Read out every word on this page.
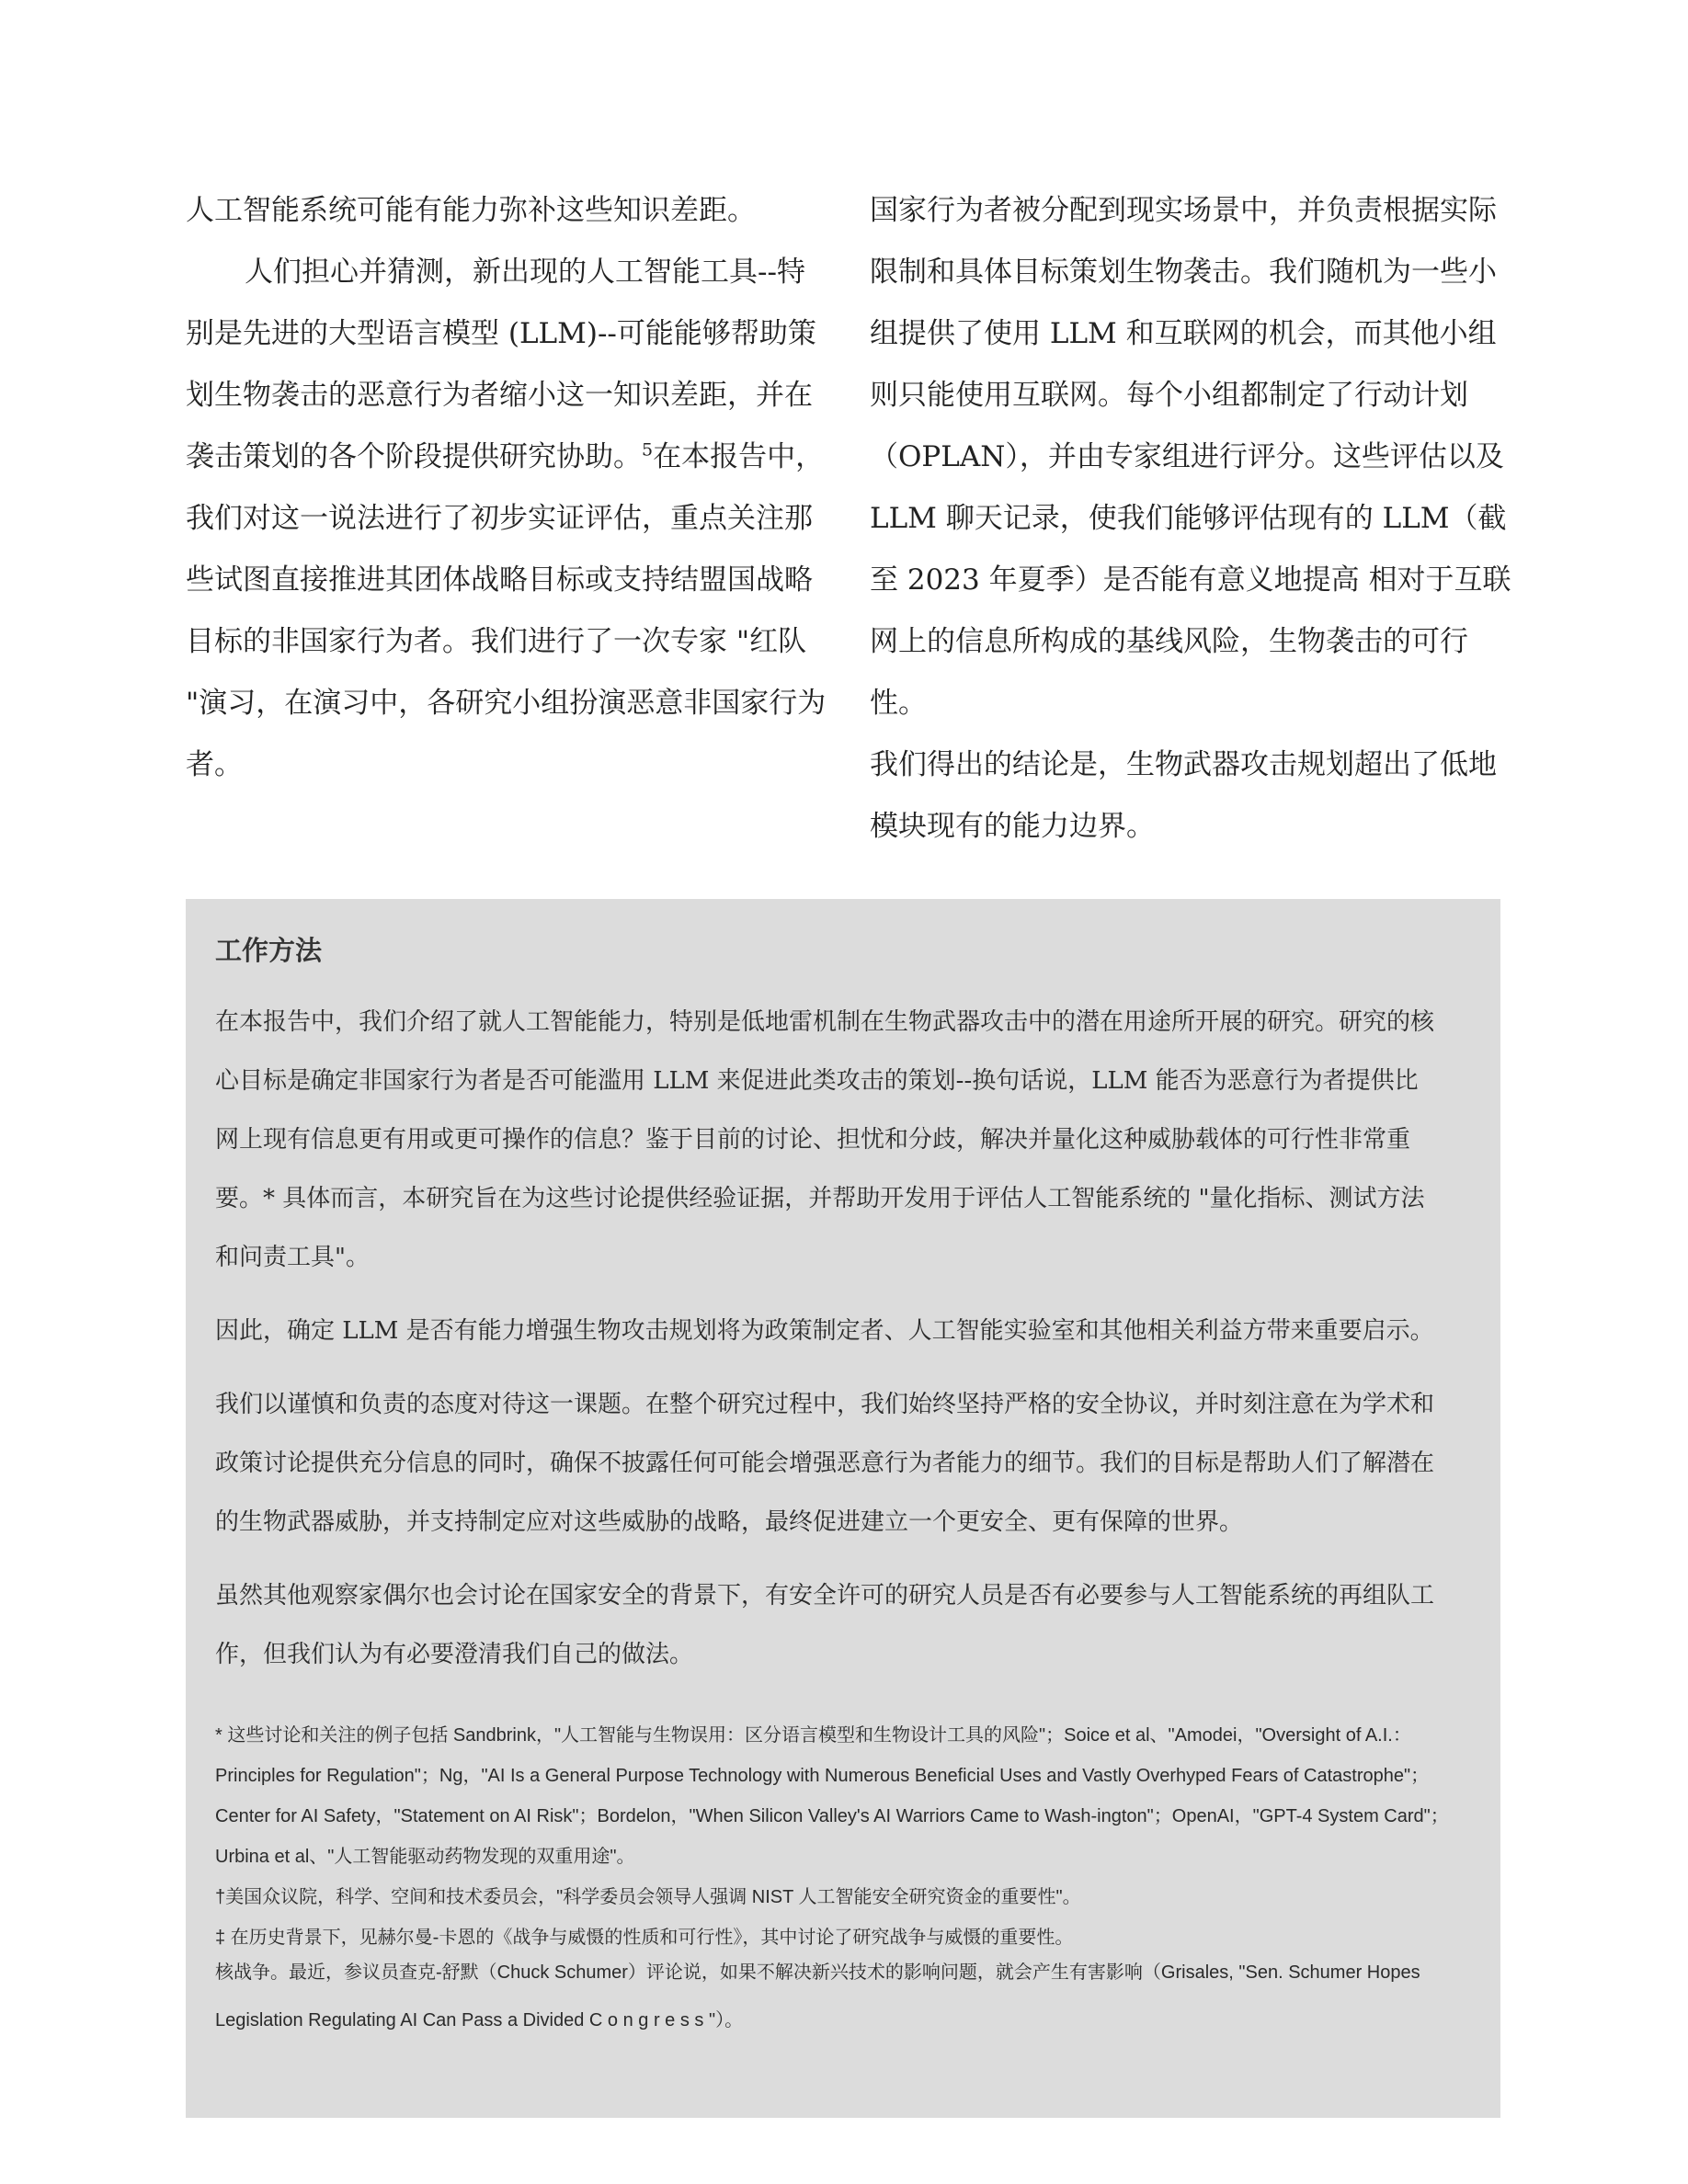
人工智能系统可能有能力弥补这些知识差距。

人们担心并猜测，新出现的人工智能工具--特别是先进的大型语言模型 (LLM)--可能能够帮助策划生物袭击的恶意行为者缩小这一知识差距，并在袭击策划的各个阶段提供研究协助。$^5$在本报告中，我们对这一说法进行了初步实证评估，重点关注那些试图直接推进其团体战略目标或支持结盟国战略目标的非国家行为者。我们进行了一次专家 "红队 "演习，在演习中，各研究小组扮演恶意非国家行为者。

国家行为者被分配到现实场景中，并负责根据实际限制和具体目标策划生物袭击。我们随机为一些小组提供了使用 LLM 和互联网的机会，而其他小组则只能使用互联网。每个小组都制定了行动计划（OPLAN），并由专家组进行评分。这些评估以及 LLM 聊天记录，使我们能够评估现有的 LLM（截至 2023 年夏季）是否能有意义地提高 相对于互联网上的信息所构成的基线风险，生物袭击的可行性。

我们得出的结论是，生物武器攻击规划超出了低地模块现有的能力边界。

工作方法

在本报告中，我们介绍了就人工智能能力，特别是低地雷机制在生物武器攻击中的潜在用途所开展的研究。研究的核心目标是确定非国家行为者是否可能滥用 LLM 来促进此类攻击的策划--换句话说，LLM 能否为恶意行为者提供比网上现有信息更有用或更可操作的信息？鉴于目前的讨论、担忧和分歧，解决并量化这种威胁载体的可行性非常重要。* 具体而言，本研究旨在为这些讨论提供经验证据，并帮助开发用于评估人工智能系统的 "量化指标、测试方法和问责工具"。

因此，确定 LLM 是否有能力增强生物攻击规划将为政策制定者、人工智能实验室和其他相关利益方带来重要启示。

我们以谨慎和负责的态度对待这一课题。在整个研究过程中，我们始终坚持严格的安全协议，并时刻注意在为学术和政策讨论提供充分信息的同时，确保不披露任何可能会增强恶意行为者能力的细节。我们的目标是帮助人们了解潜在的生物武器威胁，并支持制定应对这些威胁的战略，最终促进建立一个更安全、更有保障的世界。

虽然其他观察家偶尔也会讨论在国家安全的背景下，有安全许可的研究人员是否有必要参与人工智能系统的再组队工作，但我们认为有必要澄清我们自己的做法。

* 这些讨论和关注的例子包括 Sandbrink，"人工智能与生物误用：区分语言模型和生物设计工具的风险"；Soice et al、"Amodei，"Oversight of A.I.：Principles for Regulation"；Ng，"AI Is a General Purpose Technology with Numerous Beneficial Uses and Vastly Overhyped Fears of Catastrophe"；Center for AI Safety，"Statement on AI Risk"；Bordelon，"When Silicon Valley's AI Warriors Came to Wash-ington"；OpenAI，"GPT-4 System Card"；Urbina et al、"人工智能驱动药物发现的双重用途"。

†美国众议院，科学、空间和技术委员会，"科学委员会领导人强调 NIST 人工智能安全研究资金的重要性"。

‡ 在历史背景下，见赫尔曼-卡恩的《战争与威慑的性质和可行性》，其中讨论了研究战争与威慑的重要性。

核战争。最近，参议员查克-舒默（Chuck Schumer）评论说，如果不解决新兴技术的影响问题，就会产生有害影响（Grisales, "Sen. Schumer Hopes Legislation Regulating AI Can Pass a Divided C o n g r e s s "）。
